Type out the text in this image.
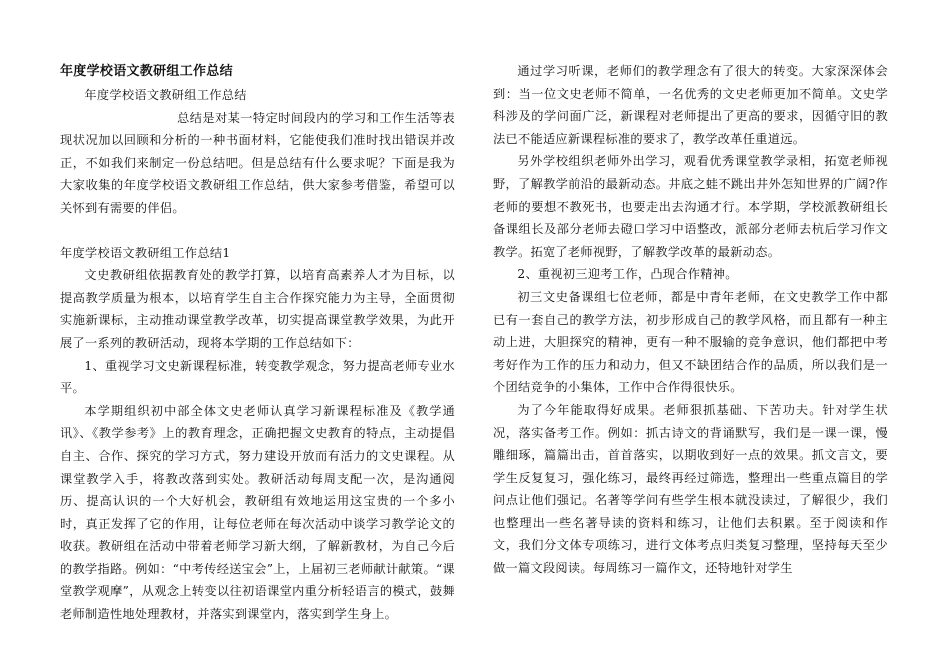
年度学校语文教研组工作总结

年度学校语文教研组工作总结

总结是对某一特定时间段内的学习和工作生活等表现状况加以回顾和分析的一种书面材料，它能使我们准时找出错误并改正，不如我们来制定一份总结吧。但是总结有什么要求呢？下面是我为大家收集的年度学校语文教研组工作总结，供大家参考借鉴，希望可以关怀到有需要的伴侣。

年度学校语文教研组工作总结1

文史教研组依据教育处的教学打算，以培育高素养人才为目标，以提高教学质量为根本，以培育学生自主合作探究能力为主导，全面贯彻实施新课标，主动推动课堂教学改革，切实提高课堂教学效果，为此开展了一系列的教研活动，现将本学期的工作总结如下：

1、重视学习文史新课程标准，转变教学观念，努力提高老师专业水平。

本学期组织初中部全体文史老师认真学习新课程标准及《教学通讯》、《教学参考》上的教育理念，正确把握文史教育的特点，主动提倡自主、合作、探究的学习方式，努力建设开放而有活力的文史课程。从课堂教学入手，将教改落到实处。教研活动每周支配一次，是沟通阅历、提高认识的一个大好机会，教研组有效地运用这宝贵的一个多小时，真正发挥了它的作用，让每位老师在每次活动中谈学习教学论文的收获。教研组在活动中带着老师学习新大纲，了解新教材，为自己今后的教学指路。例如：“中考传经送宝会”上，上届初三老师献计献策。“课堂教学观摩”，从观念上转变以往初语课堂内重分析轻语言的模式，鼓舞老师制造性地处理教材，并落实到课堂内，落实到学生身上。

通过学习听课，老师们的教学理念有了很大的转变。大家深深体会到：当一位文史老师不简单，一名优秀的文史老师更加不简单。文史学科涉及的学问面广泛，新课程对老师提出了更高的要求，因循守旧的教法已不能适应新课程标准的要求了，教学改革任重道远。

另外学校组织老师外出学习，观看优秀课堂教学录相，拓宽老师视野，了解教学前沿的最新动态。井底之蛙不跳出井外怎知世界的广阔?作老师的要想不教死书，也要走出去沟通才行。本学期，学校派教研组长备课组长及部分老师去磴口学习中语整改，派部分老师去杭后学习作文教学。拓宽了老师视野，了解教学改革的最新动态。

2、重视初三迎考工作，凸现合作精神。

初三文史备课组七位老师，都是中青年老师，在文史教学工作中都已有一套自己的教学方法，初步形成自己的教学风格，而且都有一种主动上进，大胆探究的精神，更有一种不服输的竞争意识，他们都把中考考好作为工作的压力和动力，但又不缺团结合作的品质，所以我们是一个团结竞争的小集体，工作中合作得很快乐。

为了今年能取得好成果。老师狠抓基础、下苦功夫。针对学生状况，落实备考工作。例如：抓古诗文的背诵默写，我们是一课一课，慢雕细琢，篇篇出击，首首落实，以期收到好一点的效果。抓文言文，要学生反复复习，强化练习，最终再经过筛选，整理出一些重点篇目的学问点让他们强记。名著等学问有些学生根本就没读过，了解很少，我们也整理出一些名著导读的资料和练习，让他们去积累。至于阅读和作文，我们分文体专项练习，进行文体考点归类复习整理，坚持每天至少做一篇文段阅读。每周练习一篇作文，还特地针对学生
